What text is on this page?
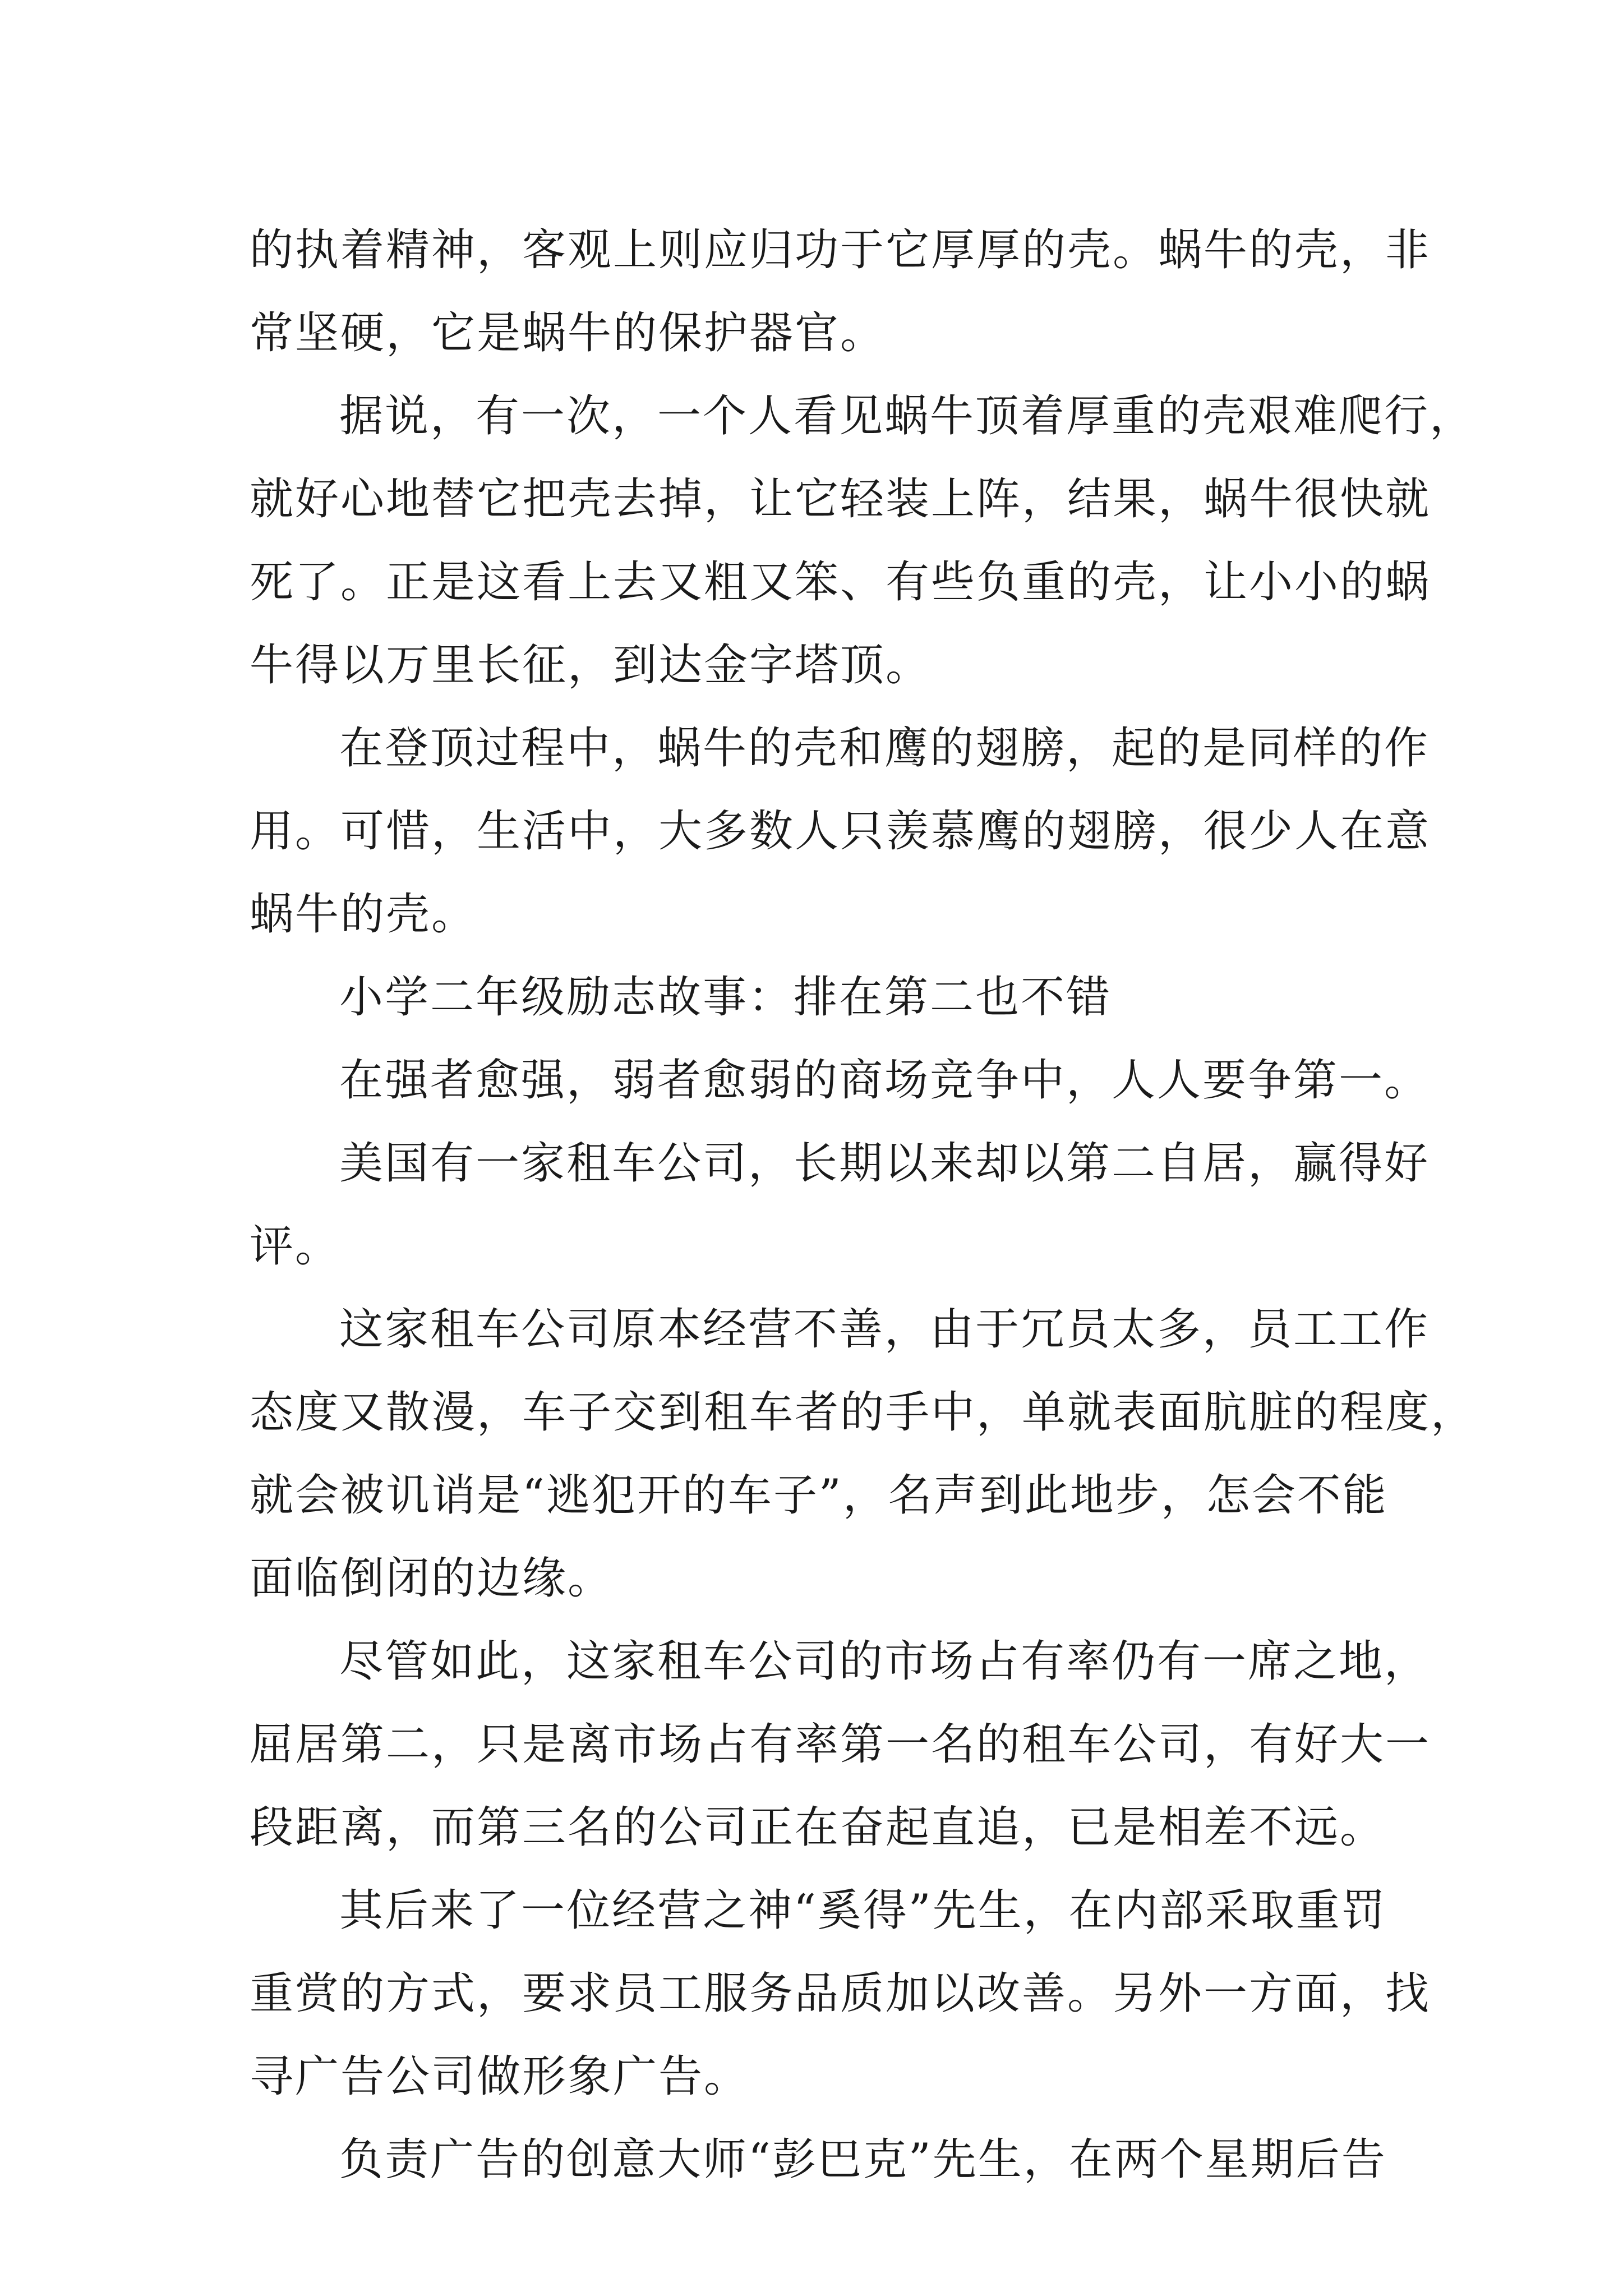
的执着精神，客观上则应归功于它厚厚的壳。蜗牛的壳，非
常坚硬，它是蜗牛的保护器官。
据说，有一次，一个人看见蜗牛顶着厚重的壳艰难爬行，
就好心地替它把壳去掉，让它轻装上阵，结果，蜗牛很快就
死了。正是这看上去又粗又笨、有些负重的壳，让小小的蜗
牛得以万里长征，到达金字塔顶。
在登顶过程中，蜗牛的壳和鹰的翅膀，起的是同样的作
用。可惜，生活中，大多数人只羡慕鹰的翅膀，很少人在意
蜗牛的壳。
小学二年级励志故事：排在第二也不错
在强者愈强，弱者愈弱的商场竞争中，人人要争第一。
美国有一家租车公司，长期以来却以第二自居，赢得好
评。
这家租车公司原本经营不善，由于冗员太多，员工工作
态度又散漫，车子交到租车者的手中，单就表面肮脏的程度，
就会被讥诮是“逃犯开的车子”，名声到此地步，怎会不能
面临倒闭的边缘。
尽管如此，这家租车公司的市场占有率仍有一席之地，
屈居第二，只是离市场占有率第一名的租车公司，有好大一
段距离，而第三名的公司正在奋起直追，已是相差不远。
其后来了一位经营之神“奚得”先生，在内部采取重罚
重赏的方式，要求员工服务品质加以改善。另外一方面，找
寻广告公司做形象广告。
负责广告的创意大师“彭巴克”先生，在两个星期后告
